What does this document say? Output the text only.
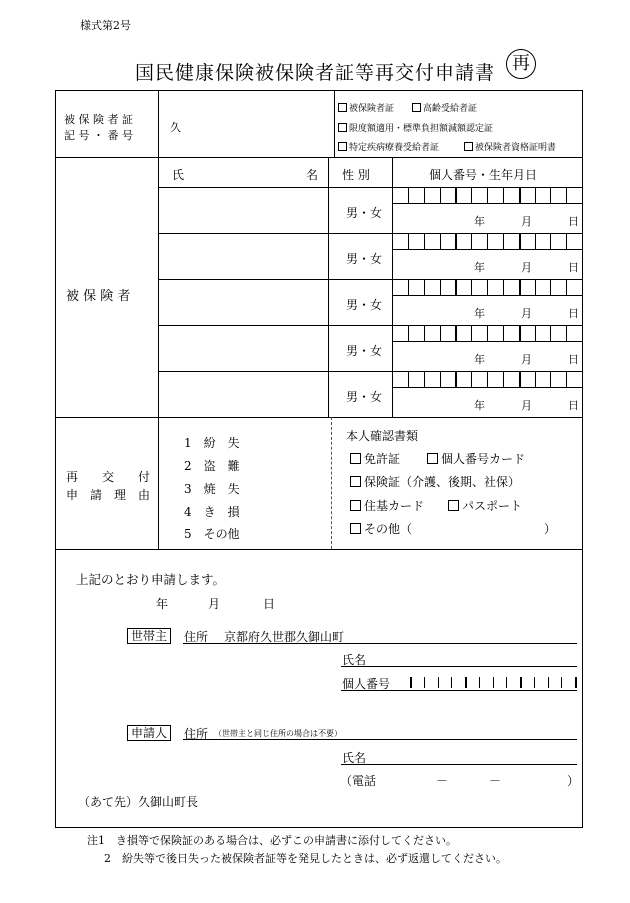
様式第2号
国民健康保険被保険者証等再交付申請書 再
被 保 険 者 証
記 号 ・ 番 号
久
被保険者証	高齢受給者証
限度額適用・標準負担額減額認定証
特定疾病療養受給者証	被保険者資格証明書
被 保 険 者
氏	名 性 別	個人番号・生年月日
男・女
年	月	日
男・女
年	月	日
男・女
年	月	日
男・女
年	月	日
男・女
年	月	日
再　　交　　付
申　請　理　由
1　紛　失
2　盗　難
3　焼　失
4　き　損
5　その他
本人確認書類
免許証	個人番号カード
保険証（介護、後期、社保）
住基カード	パスポート
その他（	）
上記のとおり申請します。
年	月	日
世帯主	住所 京都府久世郡久御山町
氏名
個人番号
申請人	住所 （世帯主と同じ住所の場合は不要）
氏名
（電話	－	－	）
（あて先）久御山町長
注1　き損等で保険証のある場合は、必ずこの申請書に添付してください。
2　紛失等で後日失った被保険者証等を発見したときは、必ず返還してください。
